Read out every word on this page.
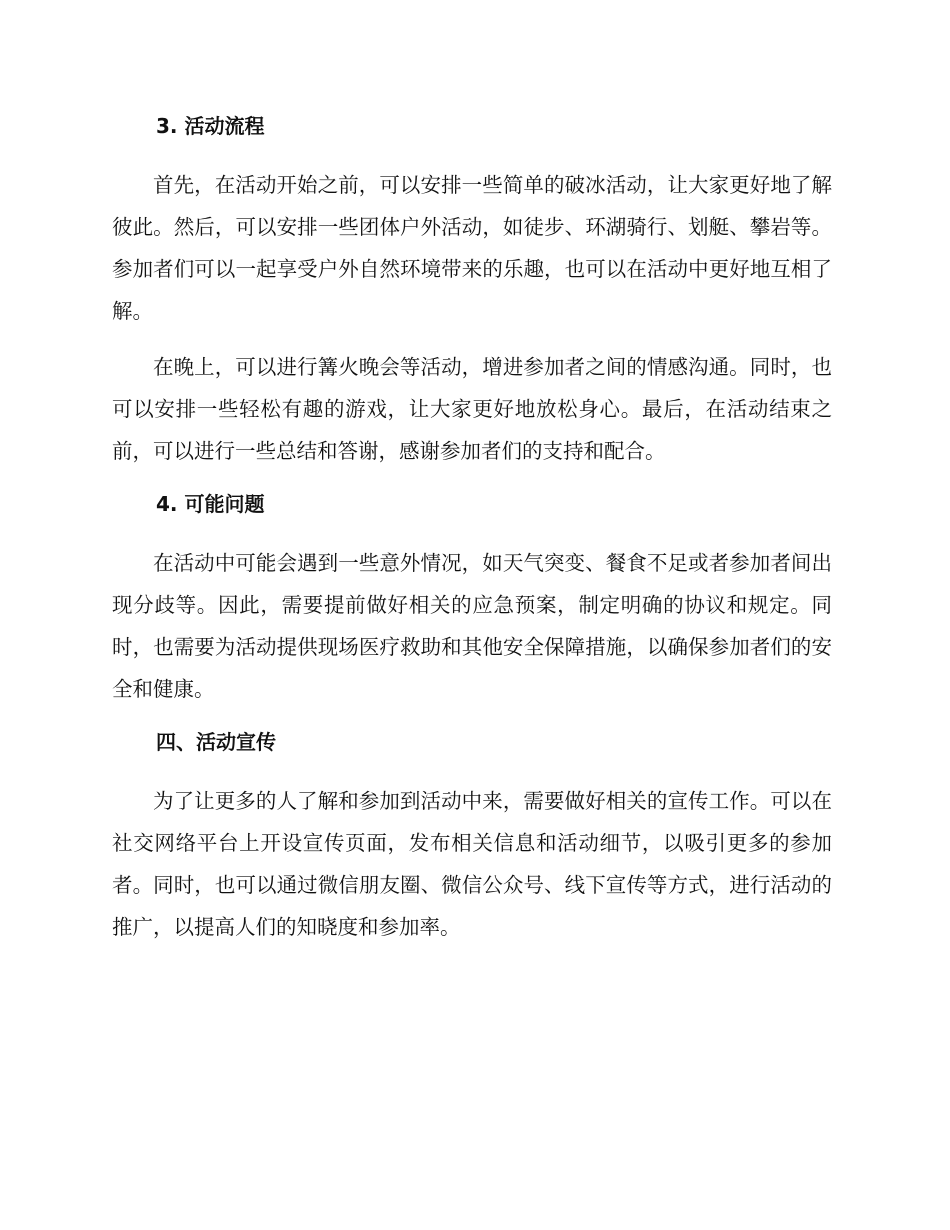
3. 活动流程

首先，在活动开始之前，可以安排一些简单的破冰活动，让大家更好地了解彼此。然后，可以安排一些团体户外活动，如徒步、环湖骑行、划艇、攀岩等。参加者们可以一起享受户外自然环境带来的乐趣，也可以在活动中更好地互相了解。

在晚上，可以进行篝火晚会等活动，增进参加者之间的情感沟通。同时，也可以安排一些轻松有趣的游戏，让大家更好地放松身心。最后，在活动结束之前，可以进行一些总结和答谢，感谢参加者们的支持和配合。

4. 可能问题

在活动中可能会遇到一些意外情况，如天气突变、餐食不足或者参加者间出现分歧等。因此，需要提前做好相关的应急预案，制定明确的协议和规定。同时，也需要为活动提供现场医疗救助和其他安全保障措施，以确保参加者们的安全和健康。

四、活动宣传

为了让更多的人了解和参加到活动中来，需要做好相关的宣传工作。可以在社交网络平台上开设宣传页面，发布相关信息和活动细节，以吸引更多的参加者。同时，也可以通过微信朋友圈、微信公众号、线下宣传等方式，进行活动的推广，以提高人们的知晓度和参加率。
